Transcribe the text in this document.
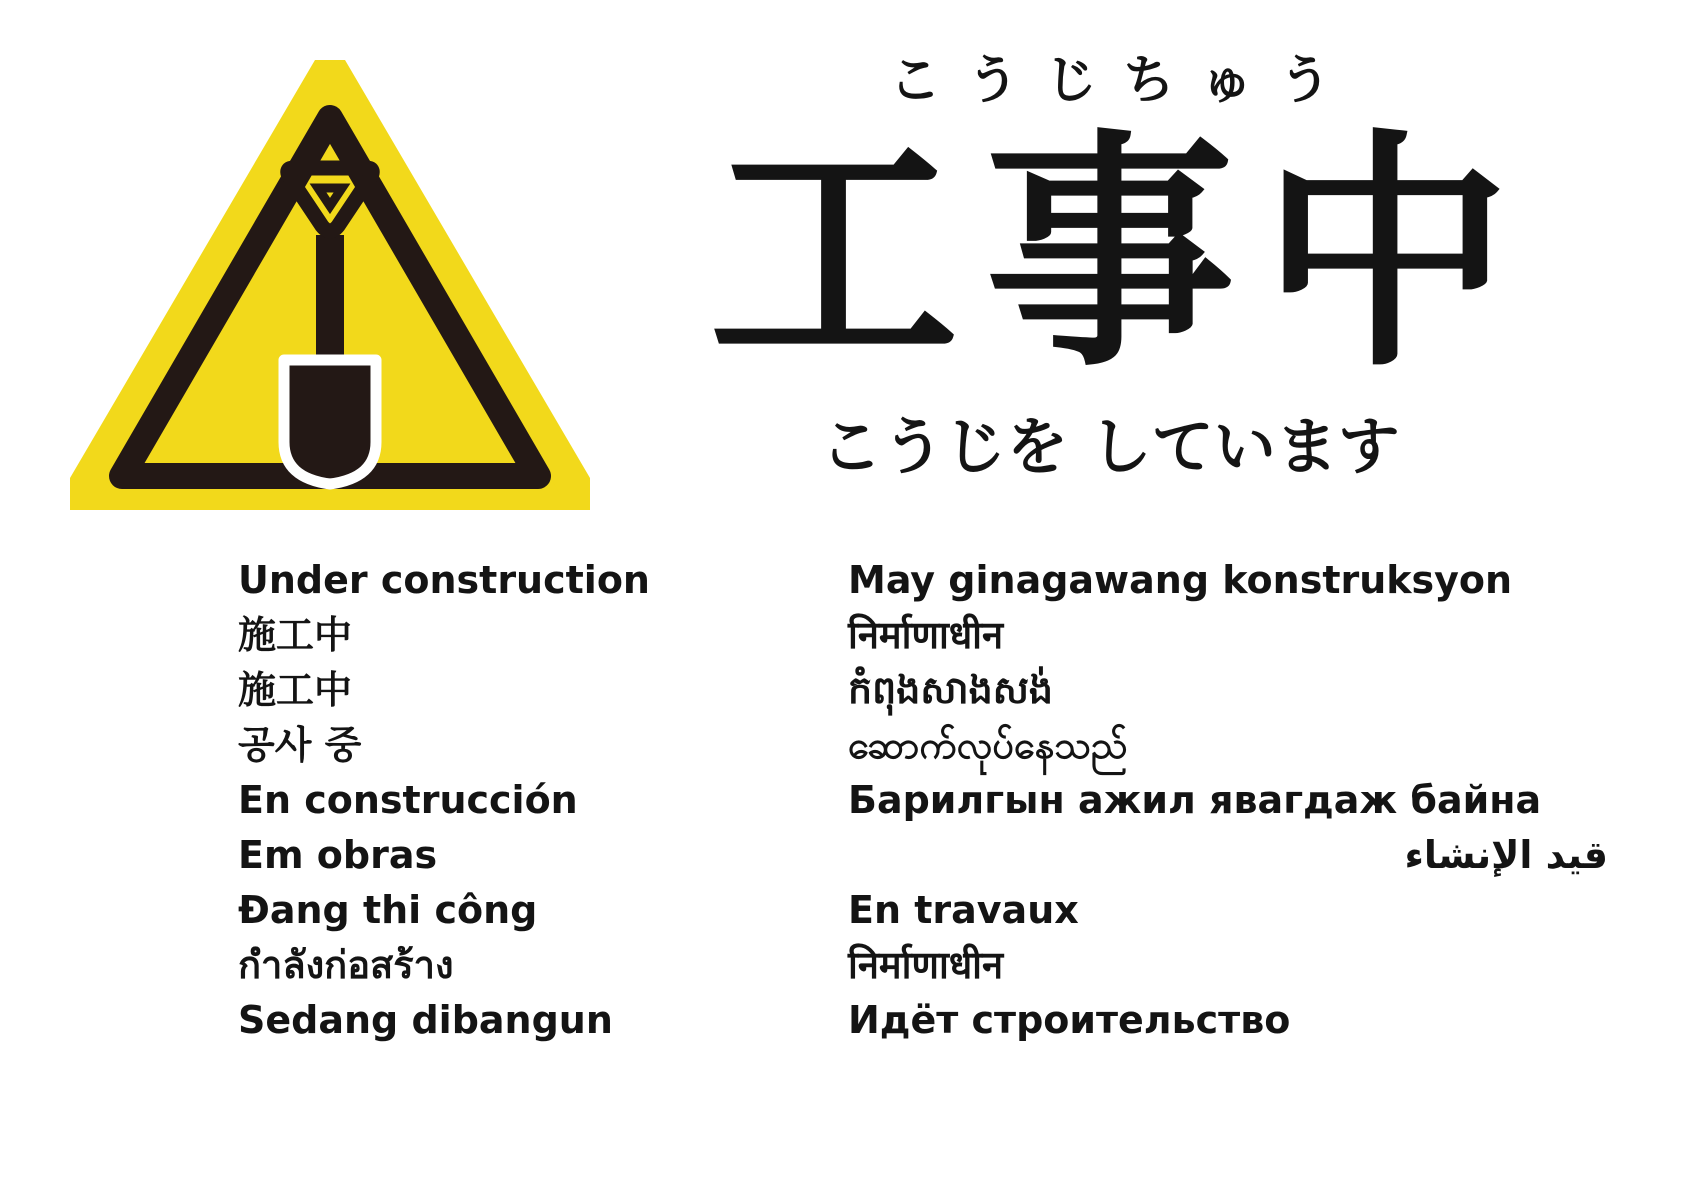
こうじちゅう
工事中
こうじを しています
Under construction
施工中
施工中
공사 중
En construcción
Em obras
Đang thi công
กำลังก่อสร้าง
Sedang dibangun
May ginagawang konstruksyon
निर्माणाधीन
កំពុងសាងសង់
ဆောက်လုပ်နေသည်
Барилгын ажил явагдаж байна
قيد الإنشاء
En travaux
निर्माणाधीन
Идёт строительство
